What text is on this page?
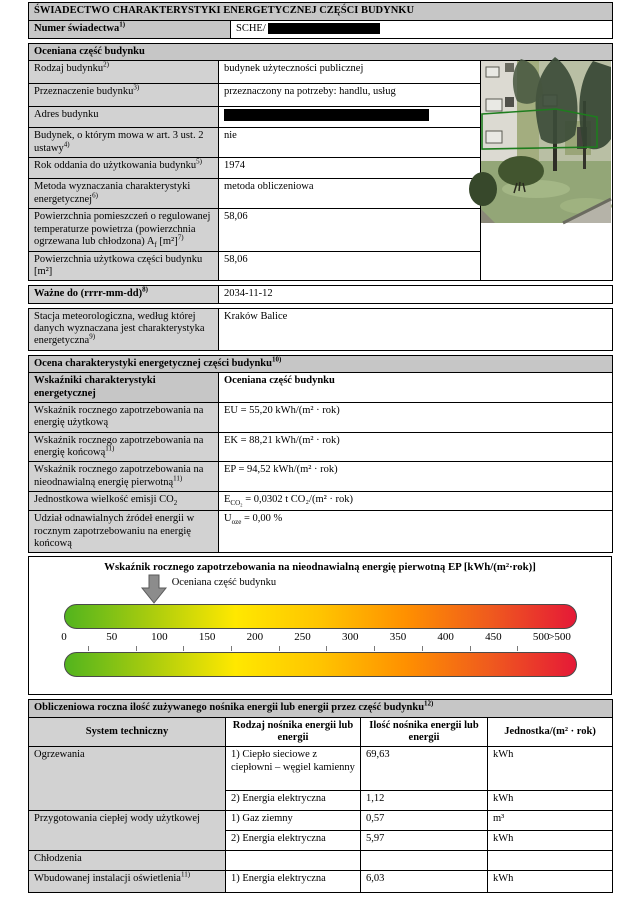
ŚWIADECTWO CHARAKTERYSTYKI ENERGETYCZNEJ CZĘŚCI BUDYNKU
Numer świadectwa$^{1)}$	SCHE/
Oceniana część budynku		
Rodzaj budynku$^{2)}$	budynek użyteczności publicznej	
Przeznaczenie budynku$^{3)}$	przeznaczony na potrzeby: handlu, usług	
Adres budynku		
Budynek, o którym mowa w art. 3 ust. 2 ustawy$^{4)}$	nie	
Rok oddania do użytkowania budynku$^{5)}$	1974	
Metoda wyznaczania charakterystyki energetycznej$^{6)}$	metoda obliczeniowa	
Powierzchnia pomieszczeń o regulowanej temperaturze powietrza (powierzchnia ogrzewana lub chłodzona) $A_f$ $[m^2]^{7)}$	58,06	
Powierzchnia użytkowa części budynku [m²]	58,06	
Ważne do (rrrr-mm-dd)$^{8)}$	2034-11-12
Stacja meteorologiczna, według której danych wyznaczana jest charakterystyka energetyczna$^{9)}$	Kraków Balice
Ocena charakterystyki energetycznej części budynku$^{10)}$
Wskaźniki charakterystyki energetycznej	Oceniana część budynku
Wskaźnik rocznego zapotrzebowania na energię użytkową	EU = 55,20 kWh/(m² · rok)
Wskaźnik rocznego zapotrzebowania na energię końcową$^{11)}$	EK = 88,21 kWh/(m² · rok)
Wskaźnik rocznego zapotrzebowania na nieodnawialną energię pierwotną$^{11)}$	EP = 94,52 kWh/(m² · rok)
Jednostkowa wielkość emisji $CO_2$	$E_{CO_2} = 0,0302$ t CO₂/(m² · rok)
Udział odnawialnych źródeł energii w rocznym zapotrzebowaniu na energię końcową	$U_{oze} = 0,00$ %
Wskaźnik rocznego zapotrzebowania na nieodnawialną energię pierwotną EP [kWh/(m²·rok)]
Oceniana część budynku
0	50	100	150	200	250	300	350	400	450	500
>500
Obliczeniowa roczna ilość zużywanego nośnika energii lub energii przez część budynku$^{12)}$
System techniczny	Rodzaj nośnika energii lub energii	Ilość nośnika energii lub energii	Jednostka/(m² · rok)
Ogrzewania	1) Ciepło sieciowe z ciepłowni – węgiel kamienny	69,63	kWh
	2) Energia elektryczna	1,12	kWh
Przygotowania ciepłej wody użytkowej	1) Gaz ziemny	0,57	m³
	2) Energia elektryczna	5,97	kWh
Chłodzenia			
Wbudowanej instalacji oświetlenia$^{11)}$	1) Energia elektryczna	6,03	kWh
